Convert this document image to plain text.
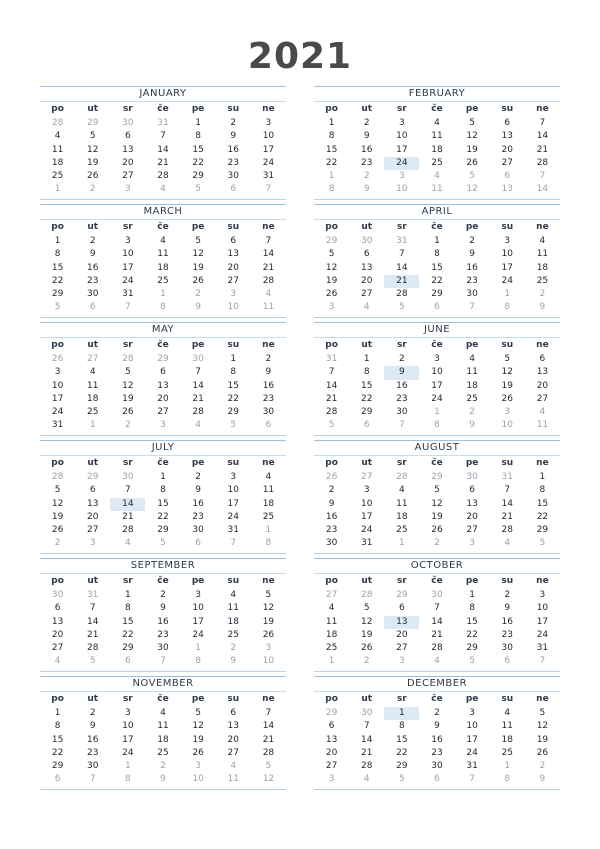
2021
JANUARY
po	ut	sr	če	pe	su	ne
28	29	30	31	1	2	3
4	5	6	7	8	9	10
11	12	13	14	15	16	17
18	19	20	21	22	23	24
25	26	27	28	29	30	31
1	2	3	4	5	6	7
FEBRUARY
po	ut	sr	če	pe	su	ne
1	2	3	4	5	6	7
8	9	10	11	12	13	14
15	16	17	18	19	20	21
22	23	24	25	26	27	28
1	2	3	4	5	6	7
8	9	10	11	12	13	14
MARCH
po	ut	sr	če	pe	su	ne
1	2	3	4	5	6	7
8	9	10	11	12	13	14
15	16	17	18	19	20	21
22	23	24	25	26	27	28
29	30	31	1	2	3	4
5	6	7	8	9	10	11
APRIL
po	ut	sr	če	pe	su	ne
29	30	31	1	2	3	4
5	6	7	8	9	10	11
12	13	14	15	16	17	18
19	20	21	22	23	24	25
26	27	28	29	30	1	2
3	4	5	6	7	8	9
MAY
po	ut	sr	če	pe	su	ne
26	27	28	29	30	1	2
3	4	5	6	7	8	9
10	11	12	13	14	15	16
17	18	19	20	21	22	23
24	25	26	27	28	29	30
31	1	2	3	4	5	6
JUNE
po	ut	sr	če	pe	su	ne
31	1	2	3	4	5	6
7	8	9	10	11	12	13
14	15	16	17	18	19	20
21	22	23	24	25	26	27
28	29	30	1	2	3	4
5	6	7	8	9	10	11
JULY
po	ut	sr	če	pe	su	ne
28	29	30	1	2	3	4
5	6	7	8	9	10	11
12	13	14	15	16	17	18
19	20	21	22	23	24	25
26	27	28	29	30	31	1
2	3	4	5	6	7	8
AUGUST
po	ut	sr	če	pe	su	ne
26	27	28	29	30	31	1
2	3	4	5	6	7	8
9	10	11	12	13	14	15
16	17	18	19	20	21	22
23	24	25	26	27	28	29
30	31	1	2	3	4	5
SEPTEMBER
po	ut	sr	če	pe	su	ne
30	31	1	2	3	4	5
6	7	8	9	10	11	12
13	14	15	16	17	18	19
20	21	22	23	24	25	26
27	28	29	30	1	2	3
4	5	6	7	8	9	10
OCTOBER
po	ut	sr	če	pe	su	ne
27	28	29	30	1	2	3
4	5	6	7	8	9	10
11	12	13	14	15	16	17
18	19	20	21	22	23	24
25	26	27	28	29	30	31
1	2	3	4	5	6	7
NOVEMBER
po	ut	sr	če	pe	su	ne
1	2	3	4	5	6	7
8	9	10	11	12	13	14
15	16	17	18	19	20	21
22	23	24	25	26	27	28
29	30	1	2	3	4	5
6	7	8	9	10	11	12
DECEMBER
po	ut	sr	če	pe	su	ne
29	30	1	2	3	4	5
6	7	8	9	10	11	12
13	14	15	16	17	18	19
20	21	22	23	24	25	26
27	28	29	30	31	1	2
3	4	5	6	7	8	9
